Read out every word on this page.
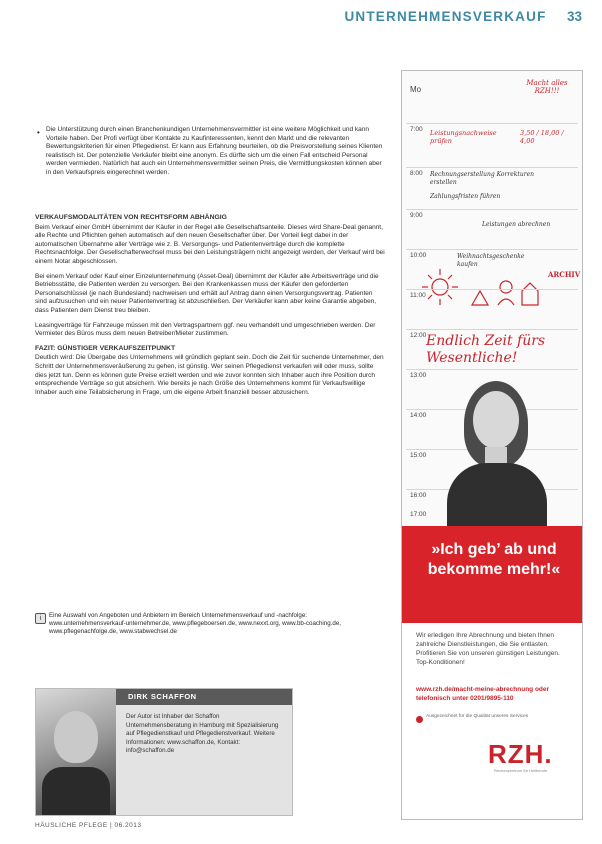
UNTERNEHMENSVERKAUF 33
• Die Unterstützung durch einen Branchenkundigen Unternehmensvermittler ist eine weitere Möglichkeit und kann Vorteile haben. Der Profi verfügt über Kontakte zu Kaufinteressenten, kennt den Markt und die relevanten Bewertungskriterien für einen Pflegedienst. Er kann aus Erfahrung beurteilen, ob die Preisvorstellung seines Klienten realistisch ist. Der potenzielle Verkäufer bleibt eine anonym. Es dürfte sich um die einen Fall entscheid Personal werden vermieden. Natürlich hat auch ein Unternehmensvermittler seinen Preis, die Vermittlungskosten können aber in den Verkaufspreis eingerechnet werden.

VERKAUFSMODALITÄTEN VON RECHTSFORM ABHÄNGIG

Beim Verkauf einer GmbH übernimmt der Käufer in der Regel alle Gesellschaftsanteile. Dieses wird Share-Deal genannt, alle Rechte und Pflichten gehen automatisch auf den neuen Gesellschafter über. Der Vorteil liegt dabei in der automatischen Übernahme aller Verträge wie z. B. Versorgungs- und Patientenverträge durch die komplette Rechtsnachfolge. Der Gesellschafterwechsel muss bei den Leistungsträgern nicht angezeigt werden, der Verkauf wird bei einem Notar abgeschlossen.

Bei einem Verkauf oder Kauf einer Einzelunternehmung (Asset-Deal) übernimmt der Käufer alle Arbeitsverträge und die Betriebsstätte, die Patienten werden zu versorgen. Bei den Krankenkassen muss der Käufer den geforderten Personalschlüssel (je nach Bundesland) nachweisen und erhält auf Antrag dann einen Versorgungsvertrag. Patienten sind aufzusuchen und ein neuer Patientenvertrag ist abzuschließen. Der Verkäufer kann aber keine Garantie abgeben, dass Patienten dem Dienst treu bleiben.

Leasingverträge für Fahrzeuge müssen mit den Vertragspartnern ggf. neu verhandelt und umgeschrieben werden. Der Vermieter des Büros muss dem neuen Betreiber/Mieter zustimmen.

FAZIT: GÜNSTIGER VERKAUFSZEITPUNKT

Deutlich wird: Die Übergabe des Unternehmens will gründlich geplant sein. Doch die Zeit für suchende Unternehmer, den Schritt der Unternehmensveräußerung zu gehen, ist günstig. Wer seinen Pflegedienst verkaufen will oder muss, sollte dies jetzt tun. Denn es können gute Preise erzielt werden und wie zuvor konnten sich Inhaber auch ihre Position durch entsprechende Verträge so gut absichern. Wie bereits je nach Größe des Unternehmens kommt für Verkaufswillige Inhaber auch eine Teilabsicherung in Frage, um die eigene Arbeit finanziell besser abzusichern.

i	Eine Auswahl von Angeboten und Anbietern im Bereich Unternehmensverkauf und -nachfolge: www.unternehmensverkauf-unternehmer.de, www.pflegeboersen.de, www.nexxt.org, www.bb-coaching.de, www.pflegenachfolge.de, www.stabwechsel.de
DIRK SCHAFFON
Der Autor ist Inhaber der Schaffon Unternehmensberatung in Hamburg mit Spezialisierung auf Pflegedienstkauf und Pflegedienstverkauf. Weitere Informationen: www.schaffon.de, Kontakt: info@schaffon.de
HÄUSLICHE PFLEGE | 06.2013
Mo
Macht alles RZH!!!
7:00 Leistungsnachweise prüfen
3,50 / 18,00 / 4,00
8:00 Rechnungserstellung Korrekturen erstellen
Zahlungsfristen führen
9:00
Leistungen abrechnen
10:00	Weihnachtsgeschenke kaufen
ARCHIV
11:00
12:00
13:00
14:00
15:00
16:00
17:00
Endlich Zeit fürs Wesentliche!
»Ich geb’ ab und bekomme mehr!«
Wir erledigen Ihre Abrechnung und bieten Ihnen zahlreiche Dienstleistungen, die Sie entlasten. Profitieren Sie von unseren günstigen Leistungen. Top-Konditionen!
www.rzh.de/macht-meine-abrechnung oder telefonisch unter 0201/9895-110
Ausgezeichnet für die Qualität unseres Services
RZH.
Rechenzentrum für Heilberufe
